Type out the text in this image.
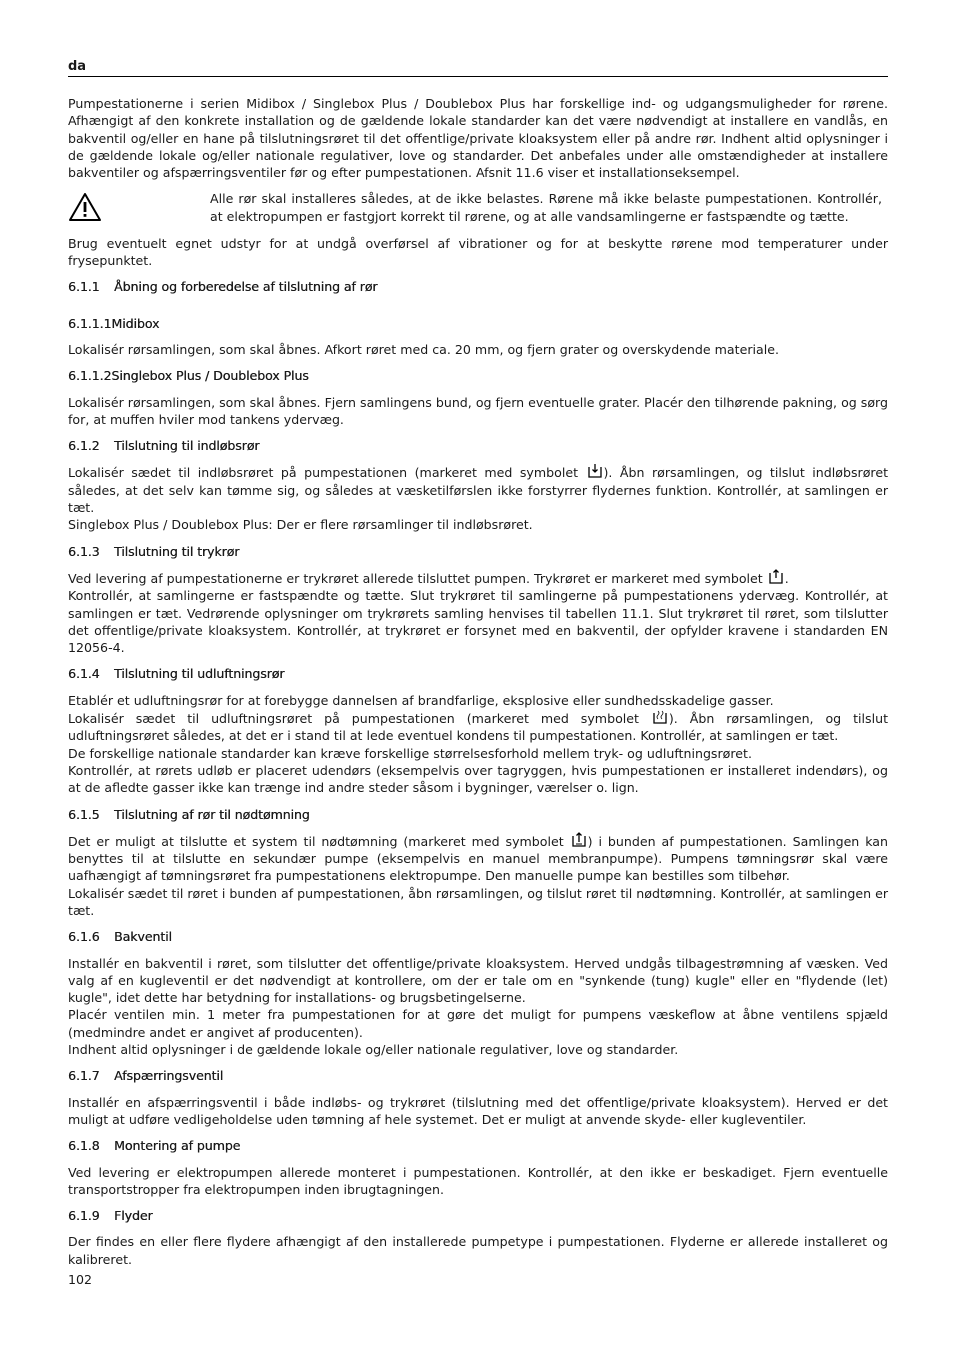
da

Pumpestationerne i serien Midibox / Singlebox Plus / Doublebox Plus har forskellige ind- og udgangsmuligheder for rørene. Afhængigt af den konkrete installation og de gældende lokale standarder kan det være nødvendigt at installere en vandlås, en bakventil og/eller en hane på tilslutningsrøret til det offentlige/private kloaksystem eller på andre rør. Indhent altid oplysninger i de gældende lokale og/eller nationale regulativer, love og standarder. Det anbefales under alle omstændigheder at installere bakventiler og afspærringsventiler før og efter pumpestationen. Afsnit 11.6 viser et installationseksempel.

Alle rør skal installeres således, at de ikke belastes. Rørene må ikke belaste pumpestationen. Kontrollér, at elektropumpen er fastgjort korrekt til rørene, og at alle vandsamlingerne er fastspændte og tætte.

Brug eventuelt egnet udstyr for at undgå overførsel af vibrationer og for at beskytte rørene mod temperaturer under frysepunktet.

6.1.1 Åbning og forberedelse af tilslutning af rør
6.1.1.1Midibox

Lokalisér rørsamlingen, som skal åbnes. Afkort røret med ca. 20 mm, og fjern grater og overskydende materiale.

6.1.1.2Singlebox Plus / Doublebox Plus

Lokalisér rørsamlingen, som skal åbnes. Fjern samlingens bund, og fjern eventuelle grater. Placér den tilhørende pakning, og sørg for, at muffen hviler mod tankens ydervæg.

6.1.2 Tilslutning til indløbsrør

Lokalisér sædet til indløbsrøret på pumpestationen (markeret med symbolet ). Åbn rørsamlingen, og tilslut indløbsrøret således, at det selv kan tømme sig, og således at væsketilførslen ikke forstyrrer flydernes funktion. Kontrollér, at samlingen er tæt.

Singlebox Plus / Doublebox Plus: Der er flere rørsamlinger til indløbsrøret.

6.1.3 Tilslutning til trykrør

Ved levering af pumpestationerne er trykrøret allerede tilsluttet pumpen. Trykrøret er markeret med symbolet .

Kontrollér, at samlingerne er fastspændte og tætte. Slut trykrøret til samlingerne på pumpestationens ydervæg. Kontrollér, at samlingen er tæt. Vedrørende oplysninger om trykrørets samling henvises til tabellen 11.1. Slut trykrøret til røret, som tilslutter det offentlige/private kloaksystem. Kontrollér, at trykrøret er forsynet med en bakventil, der opfylder kravene i standarden EN 12056-4.

6.1.4 Tilslutning til udluftningsrør

Etablér et udluftningsrør for at forebygge dannelsen af brandfarlige, eksplosive eller sundhedsskadelige gasser.

Lokalisér sædet til udluftningsrøret på pumpestationen (markeret med symbolet ). Åbn rørsamlingen, og tilslut udluftningsrøret således, at det er i stand til at lede eventuel kondens til pumpestationen. Kontrollér, at samlingen er tæt.

De forskellige nationale standarder kan kræve forskellige størrelsesforhold mellem tryk- og udluftningsrøret.

Kontrollér, at rørets udløb er placeret udendørs (eksempelvis over tagryggen, hvis pumpestationen er installeret indendørs), og at de afledte gasser ikke kan trænge ind andre steder såsom i bygninger, værelser o. lign.

6.1.5 Tilslutning af rør til nødtømning

Det er muligt at tilslutte et system til nødtømning (markeret med symbolet ) i bunden af pumpestationen. Samlingen kan benyttes til at tilslutte en sekundær pumpe (eksempelvis en manuel membranpumpe). Pumpens tømningsrør skal være uafhængigt af tømningsrøret fra pumpestationens elektropumpe. Den manuelle pumpe kan bestilles som tilbehør.

Lokalisér sædet til røret i bunden af pumpestationen, åbn rørsamlingen, og tilslut røret til nødtømning. Kontrollér, at samlingen er tæt.

6.1.6 Bakventil

Installér en bakventil i røret, som tilslutter det offentlige/private kloaksystem. Herved undgås tilbagestrømning af væsken. Ved valg af en kugleventil er det nødvendigt at kontrollere, om der er tale om en "synkende (tung) kugle" eller en "flydende (let) kugle", idet dette har betydning for installations- og brugsbetingelserne.

Placér ventilen min. 1 meter fra pumpestationen for at gøre det muligt for pumpens væskeflow at åbne ventilens spjæld (medmindre andet er angivet af producenten).

Indhent altid oplysninger i de gældende lokale og/eller nationale regulativer, love og standarder.

6.1.7 Afspærringsventil

Installér en afspærringsventil i både indløbs- og trykrøret (tilslutning med det offentlige/private kloaksystem). Herved er det muligt at udføre vedligeholdelse uden tømning af hele systemet. Det er muligt at anvende skyde- eller kugleventiler.

6.1.8 Montering af pumpe

Ved levering er elektropumpen allerede monteret i pumpestationen. Kontrollér, at den ikke er beskadiget. Fjern eventuelle transportstropper fra elektropumpen inden ibrugtagningen.

6.1.9 Flyder

Der findes en eller flere flydere afhængigt af den installerede pumpetype i pumpestationen. Flyderne er allerede installeret og kalibreret.

102
